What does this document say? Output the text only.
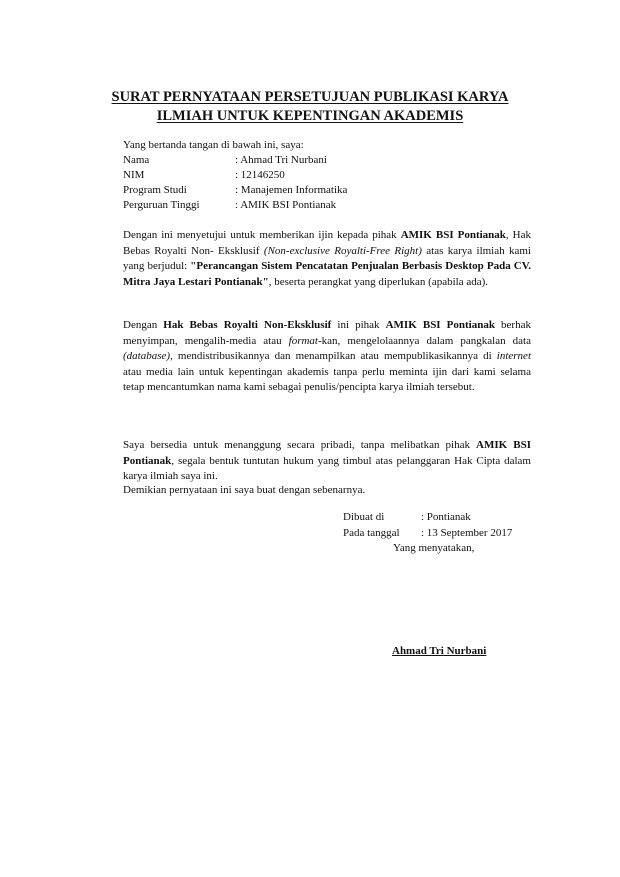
SURAT PERNYATAAN PERSETUJUAN PUBLIKASI KARYA
ILMIAH UNTUK KEPENTINGAN AKADEMIS
Yang bertanda tangan di bawah ini, saya:
Nama	: Ahmad Tri Nurbani
NIM	: 12146250
Program Studi	: Manajemen Informatika
Perguruan Tinggi	: AMIK BSI Pontianak
Dengan ini menyetujui untuk memberikan ijin kepada pihak AMIK BSI Pontianak, Hak Bebas Royalti Non- Eksklusif (Non-exclusive Royalti-Free Right) atas karya ilmiah kami yang berjudul: "Perancangan Sistem Pencatatan Penjualan Berbasis Desktop Pada CV. Mitra Jaya Lestari Pontianak", beserta perangkat yang diperlukan (apabila ada).
Dengan Hak Bebas Royalti Non-Eksklusif ini pihak AMIK BSI Pontianak berhak menyimpan, mengalih-media atau format-kan, mengelolaannya dalam pangkalan data (database), mendistribusikannya dan menampilkan atau mempublikasikannya di internet atau media lain untuk kepentingan akademis tanpa perlu meminta ijin dari kami selama tetap mencantumkan nama kami sebagai penulis/pencipta karya ilmiah tersebut.
Saya bersedia untuk menanggung secara pribadi, tanpa melibatkan pihak AMIK BSI Pontianak, segala bentuk tuntutan hukum yang timbul atas pelanggaran Hak Cipta dalam karya ilmiah saya ini.
Demikian pernyataan ini saya buat dengan sebenarnya.
Dibuat di	: Pontianak
Pada tanggal	: 13 September 2017
Yang menyatakan,
Ahmad Tri Nurbani
